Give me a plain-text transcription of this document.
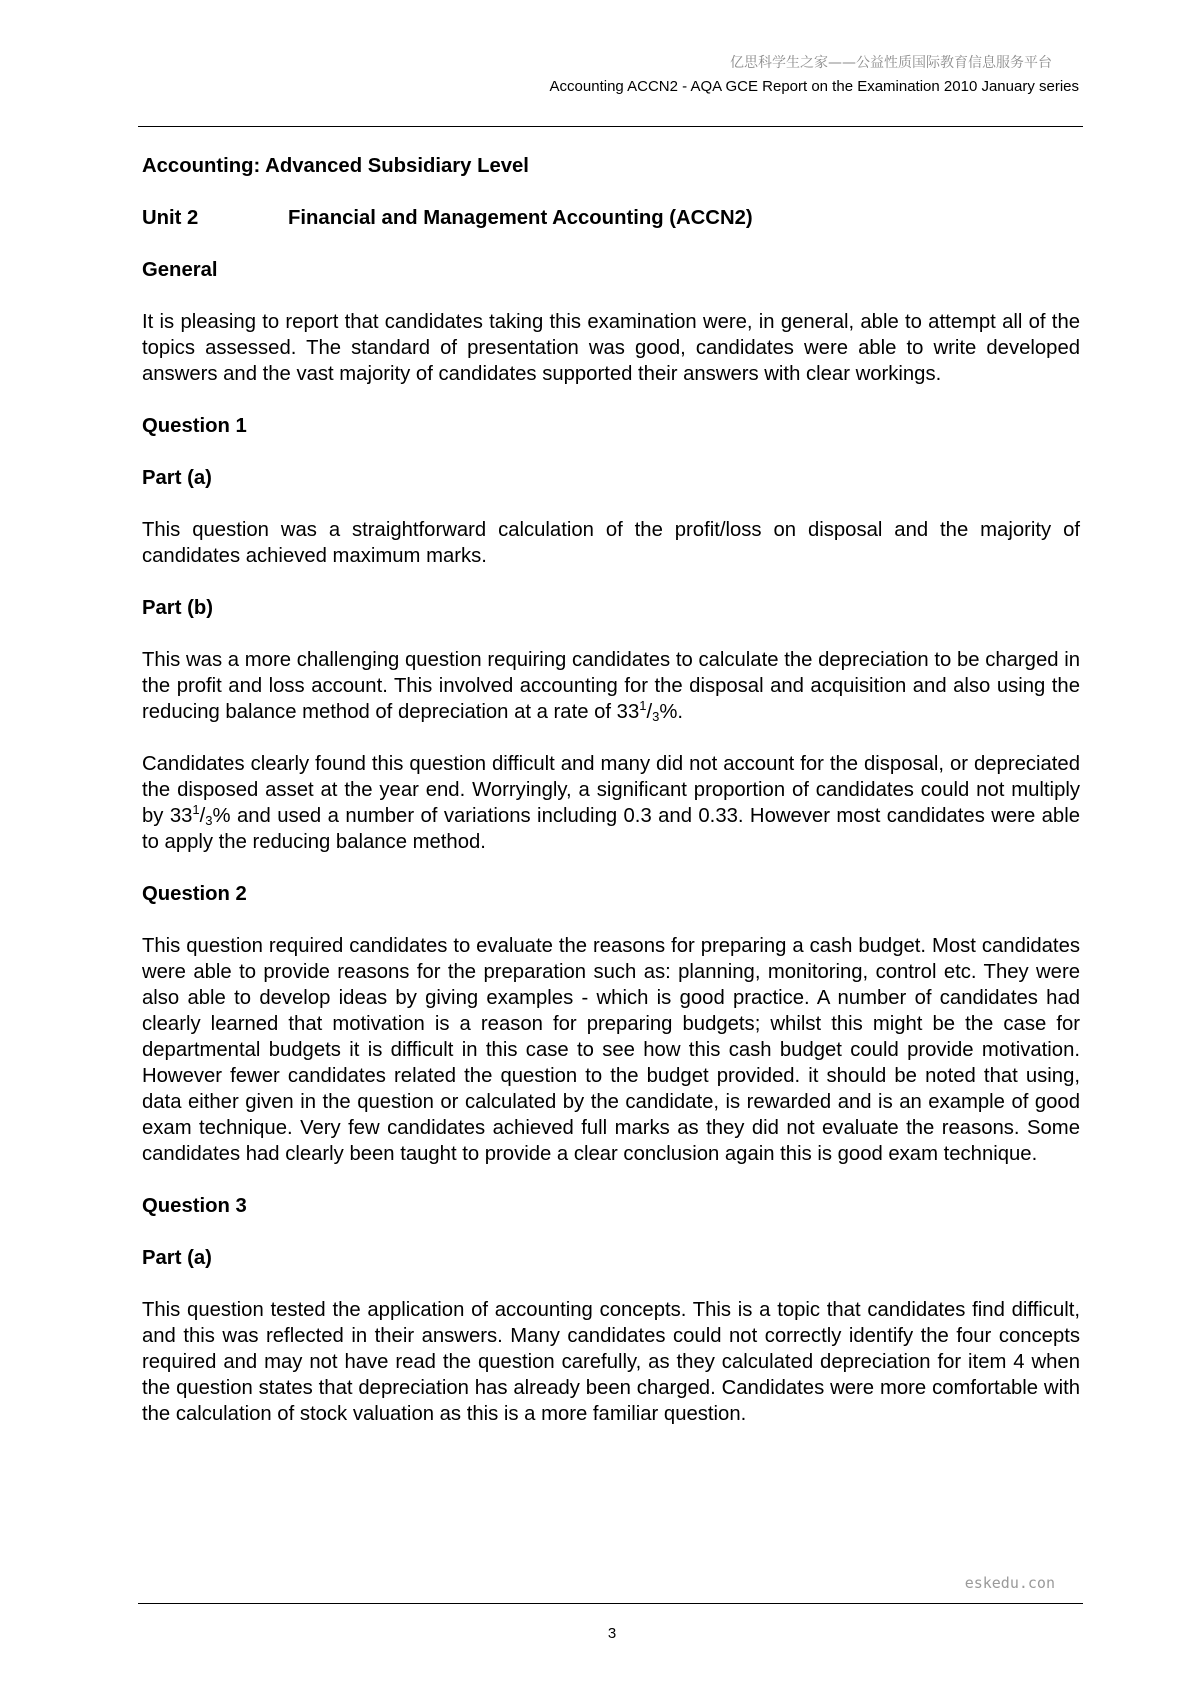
亿思科学生之家——公益性质国际教育信息服务平台
Accounting ACCN2 - AQA GCE Report on the Examination 2010 January series
Accounting: Advanced Subsidiary Level
Unit 2	Financial and Management Accounting (ACCN2)
General

It is pleasing to report that candidates taking this examination were, in general, able to attempt all of the topics assessed. The standard of presentation was good, candidates were able to write developed answers and the vast majority of candidates supported their answers with clear workings.

Question 1
Part (a)

This question was a straightforward calculation of the profit/loss on disposal and the majority of candidates achieved maximum marks.

Part (b)

This was a more challenging question requiring candidates to calculate the depreciation to be charged in the profit and loss account. This involved accounting for the disposal and acquisition and also using the reducing balance method of depreciation at a rate of $33^1/_3\%$.

Candidates clearly found this question difficult and many did not account for the disposal, or depreciated the disposed asset at the year end. Worryingly, a significant proportion of candidates could not multiply by $33^1/_3\%$ and used a number of variations including 0.3 and 0.33. However most candidates were able to apply the reducing balance method.

Question 2

This question required candidates to evaluate the reasons for preparing a cash budget. Most candidates were able to provide reasons for the preparation such as: planning, monitoring, control etc. They were also able to develop ideas by giving examples - which is good practice. A number of candidates had clearly learned that motivation is a reason for preparing budgets; whilst this might be the case for departmental budgets it is difficult in this case to see how this cash budget could provide motivation. However fewer candidates related the question to the budget provided. it should be noted that using, data either given in the question or calculated by the candidate, is rewarded and is an example of good exam technique. Very few candidates achieved full marks as they did not evaluate the reasons. Some candidates had clearly been taught to provide a clear conclusion again this is good exam technique.

Question 3
Part (a)

This question tested the application of accounting concepts. This is a topic that candidates find difficult, and this was reflected in their answers. Many candidates could not correctly identify the four concepts required and may not have read the question carefully, as they calculated depreciation for item 4 when the question states that depreciation has already been charged. Candidates were more comfortable with the calculation of stock valuation as this is a more familiar question.

eskedu.con
3
